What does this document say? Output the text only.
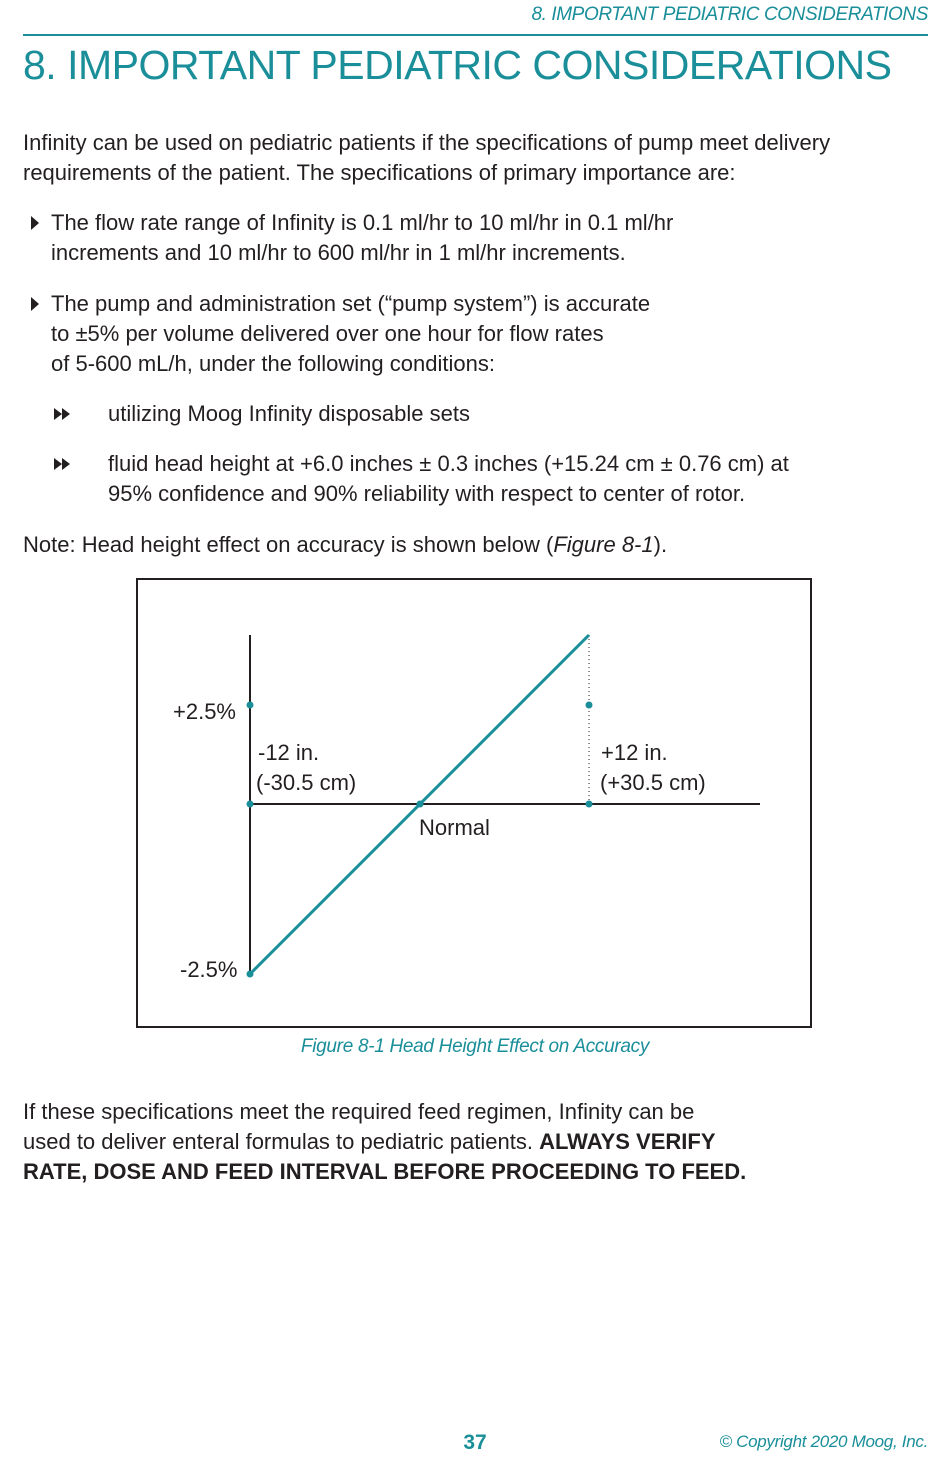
8. IMPORTANT PEDIATRIC CONSIDERATIONS
8. IMPORTANT PEDIATRIC CONSIDERATIONS

Infinity can be used on pediatric patients if the specifications of pump meet delivery requirements of the patient. The specifications of primary importance are:

The flow rate range of Infinity is 0.1 ml/hr to 10 ml/hr in 0.1 ml/hr
increments and 10 ml/hr to 600 ml/hr in 1 ml/hr increments.
The pump and administration set (“pump system”) is accurate
to ±5% per volume delivered over one hour for flow rates
of 5-600 mL/h, under the following conditions:
utilizing Moog Infinity disposable sets
fluid head height at +6.0 inches ± 0.3 inches (+15.24 cm ± 0.76 cm) at
95% confidence and 90% reliability with respect to center of rotor.

Note: Head height effect on accuracy is shown below (Figure 8-1).

+2.5%
-2.5%
-12 in.
(-30.5 cm)
+12 in.
(+30.5 cm)
Normal
Figure 8-1 Head Height Effect on Accuracy

If these specifications meet the required feed regimen, Infinity can be
used to deliver enteral formulas to pediatric patients. ALWAYS VERIFY
RATE, DOSE AND FEED INTERVAL BEFORE PROCEEDING TO FEED.

37	© Copyright 2020 Moog, Inc.
